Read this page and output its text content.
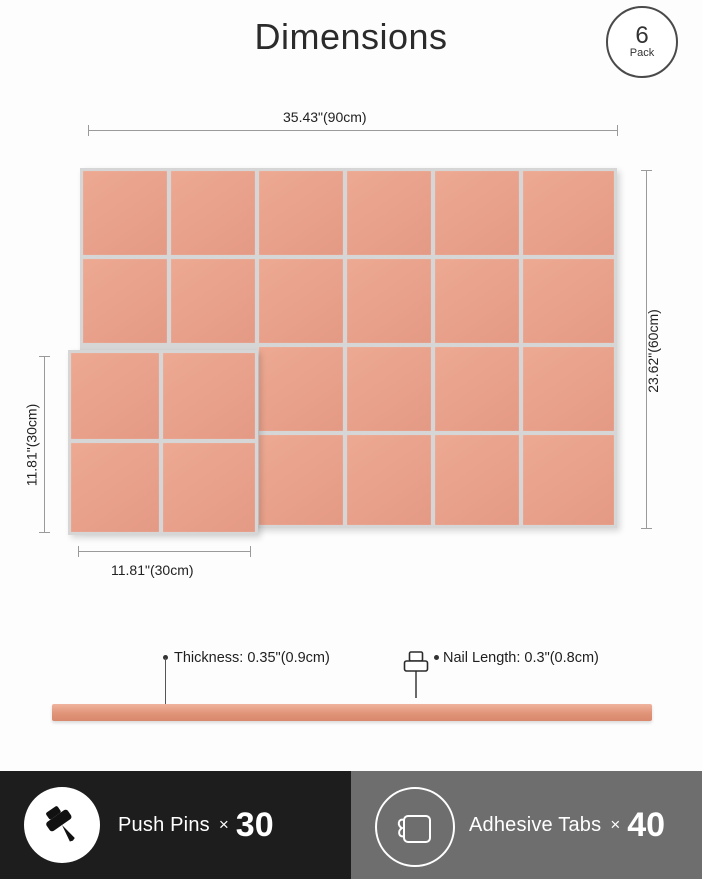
Dimensions	6
Pack
35.43"(90cm)
23.62"(60cm)
11.81"(30cm)
11.81"(30cm)
Thickness: 0.35"(0.9cm)	Nail Length: 0.3"(0.8cm)
Push Pins × 30	Adhesive Tabs × 40
